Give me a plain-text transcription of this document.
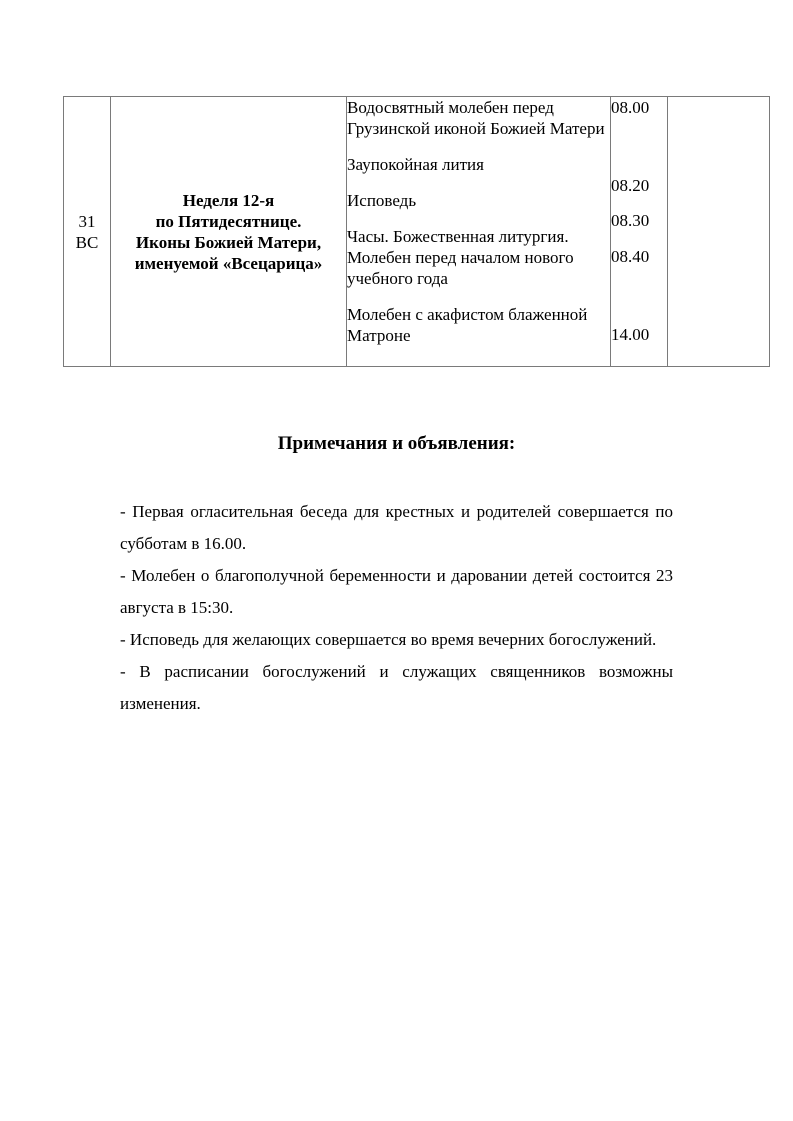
31
ВС

Неделя 12-я
по Пятидесятнице.
Иконы Божией Матери,
именуемой «Всецарица»

Водосвятный молебен перед Грузинской иконой Божией Матери
Заупокойная лития
Исповедь
Часы. Божественная литургия. Молебен перед началом нового учебного года
Молебен с акафистом блаженной Матроне

08.00
08.20
08.30
08.40
14.00

Примечания и объявления:

- Первая огласительная беседа для крестных и родителей совершается по субботам в 16.00.

- Молебен о благополучной беременности и даровании детей состоится 23 августа в 15:30.

- Исповедь для желающих совершается во время вечерних богослужений.

- В расписании богослужений и служащих священников возможны изменения.
